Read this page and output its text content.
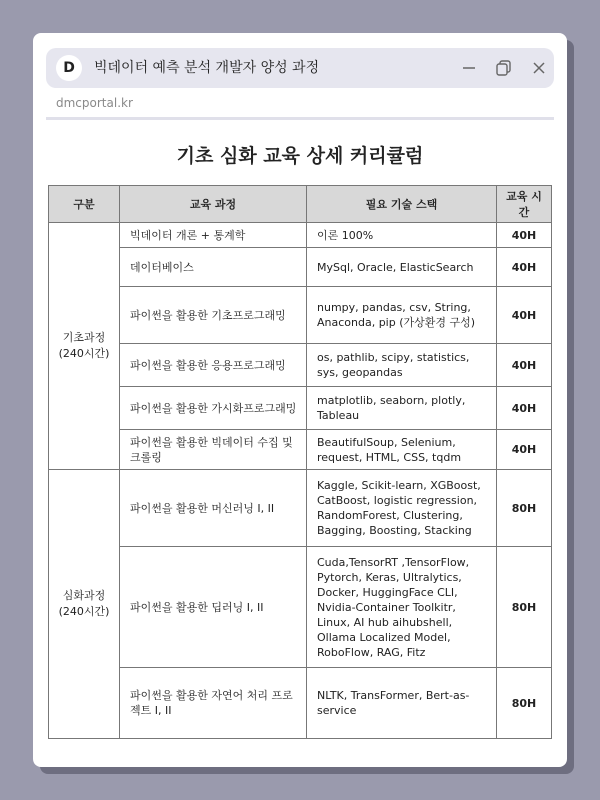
D	빅데이터 예측 분석 개발자 양성 과정
dmcportal.kr
기초 심화 교육 상세 커리큘럼
구분	교육 과정	필요 기술 스택	교육 시간
기초과정
(240시간)	빅데이터 개론 + 통계학	이론 100%	40H
	데이터베이스	MySql, Oracle, ElasticSearch	40H
	파이썬을 활용한 기초프로그래밍	numpy, pandas, csv, String, Anaconda, pip (가상환경 구성)	40H
	파이썬을 활용한 응용프로그래밍	os, pathlib, scipy, statistics, sys, geopandas	40H
	파이썬을 활용한 가시화프로그래밍	matplotlib, seaborn, plotly, Tableau	40H
	파이썬을 활용한 빅데이터 수집 및 크롤링	BeautifulSoup, Selenium, request, HTML, CSS, tqdm	40H
심화과정
(240시간)	파이썬을 활용한 머신러닝 I, II	Kaggle, Scikit-learn, XGBoost, CatBoost, logistic regression, RandomForest, Clustering, Bagging, Boosting, Stacking	80H
	파이썬을 활용한 딥러닝 I, II	Cuda,TensorRT ,TensorFlow, Pytorch, Keras, Ultralytics, Docker, HuggingFace CLI, Nvidia-Container Toolkitr, Linux, AI hub aihubshell, Ollama Localized Model, RoboFlow, RAG, Fitz	80H
	파이썬을 활용한 자연어 처리 프로젝트 I, II	NLTK, TransFormer, Bert-as-service	80H
